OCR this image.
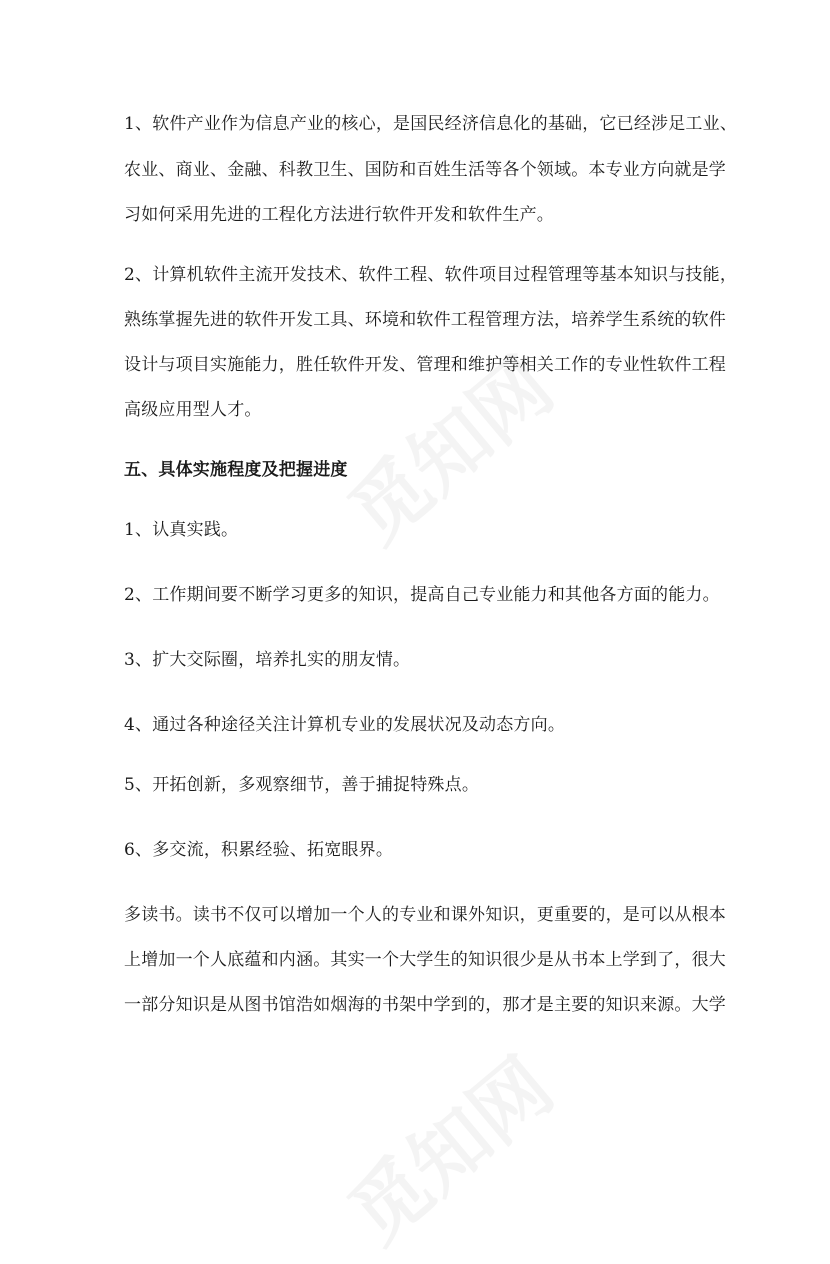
1、软件产业作为信息产业的核心，是国民经济信息化的基础，它已经涉足工业、
农业、商业、金融、科教卫生、国防和百姓生活等各个领域。本专业方向就是学
习如何采用先进的工程化方法进行软件开发和软件生产。
2、计算机软件主流开发技术、软件工程、软件项目过程管理等基本知识与技能，
熟练掌握先进的软件开发工具、环境和软件工程管理方法，培养学生系统的软件
设计与项目实施能力，胜任软件开发、管理和维护等相关工作的专业性软件工程
高级应用型人才。
五、具体实施程度及把握进度
1、认真实践。
2、工作期间要不断学习更多的知识，提高自己专业能力和其他各方面的能力。
3、扩大交际圈，培养扎实的朋友情。
4、通过各种途径关注计算机专业的发展状况及动态方向。
5、开拓创新，多观察细节，善于捕捉特殊点。
6、多交流，积累经验、拓宽眼界。
多读书。读书不仅可以增加一个人的专业和课外知识，更重要的，是可以从根本
上增加一个人底蕴和内涵。其实一个大学生的知识很少是从书本上学到了，很大
一部分知识是从图书馆浩如烟海的书架中学到的，那才是主要的知识来源。大学
